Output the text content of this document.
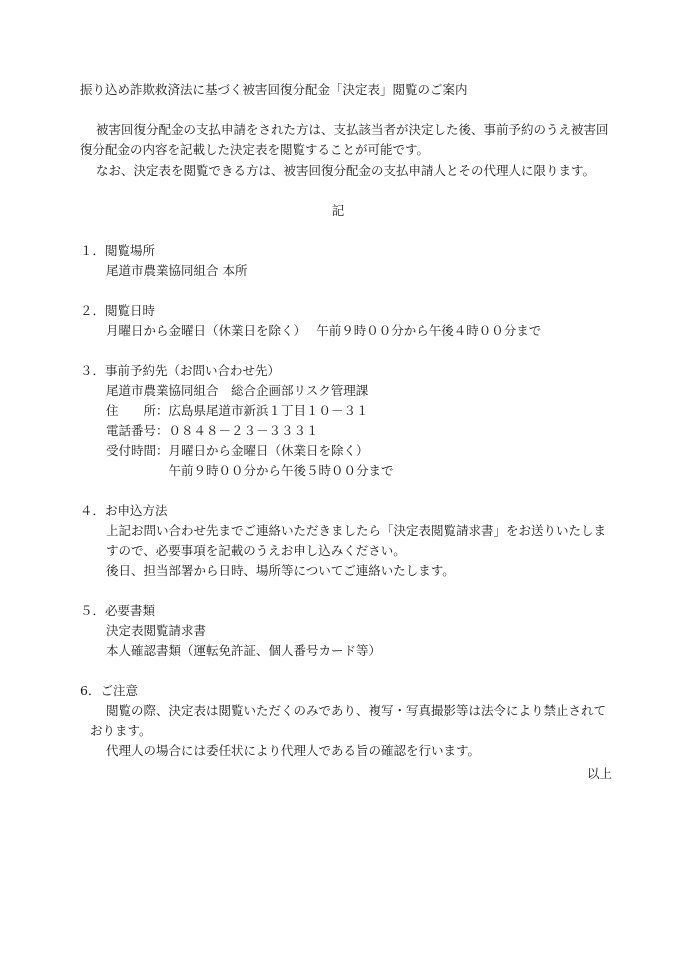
振り込め詐欺救済法に基づく被害回復分配金「決定表」閲覧のご案内
被害回復分配金の支払申請をされた方は、支払該当者が決定した後、事前予約のうえ被害回
復分配金の内容を記載した決定表を閲覧することが可能です。
なお、決定表を閲覧できる方は、被害回復分配金の支払申請人とその代理人に限ります。
記
１．閲覧場所
尾道市農業協同組合 本所
２．閲覧日時
月曜日から金曜日（休業日を除く）　 午前９時００分から午後４時００分まで
３．事前予約先（お問い合わせ先）
尾道市農業協同組合　総合企画部リスク管理課
住　　所：広島県尾道市新浜１丁目１０－３１
電話番号：０８４８－２３－３３３１
受付時間：月曜日から金曜日（休業日を除く）
　　　　　午前９時００分から午後５時００分まで
４．お申込方法
上記お問い合わせ先までご連絡いただきましたら「決定表閲覧請求書」をお送りいたしま
すので、必要事項を記載のうえお申し込みください。
後日、担当部署から日時、場所等についてご連絡いたします。
５．必要書類
決定表閲覧請求書
本人確認書類（運転免許証、個人番号カード等）
6．ご注意
閲覧の際、決定表は閲覧いただくのみであり、複写・写真撮影等は法令により禁止されて
おります。
代理人の場合には委任状により代理人である旨の確認を行います。
以上
